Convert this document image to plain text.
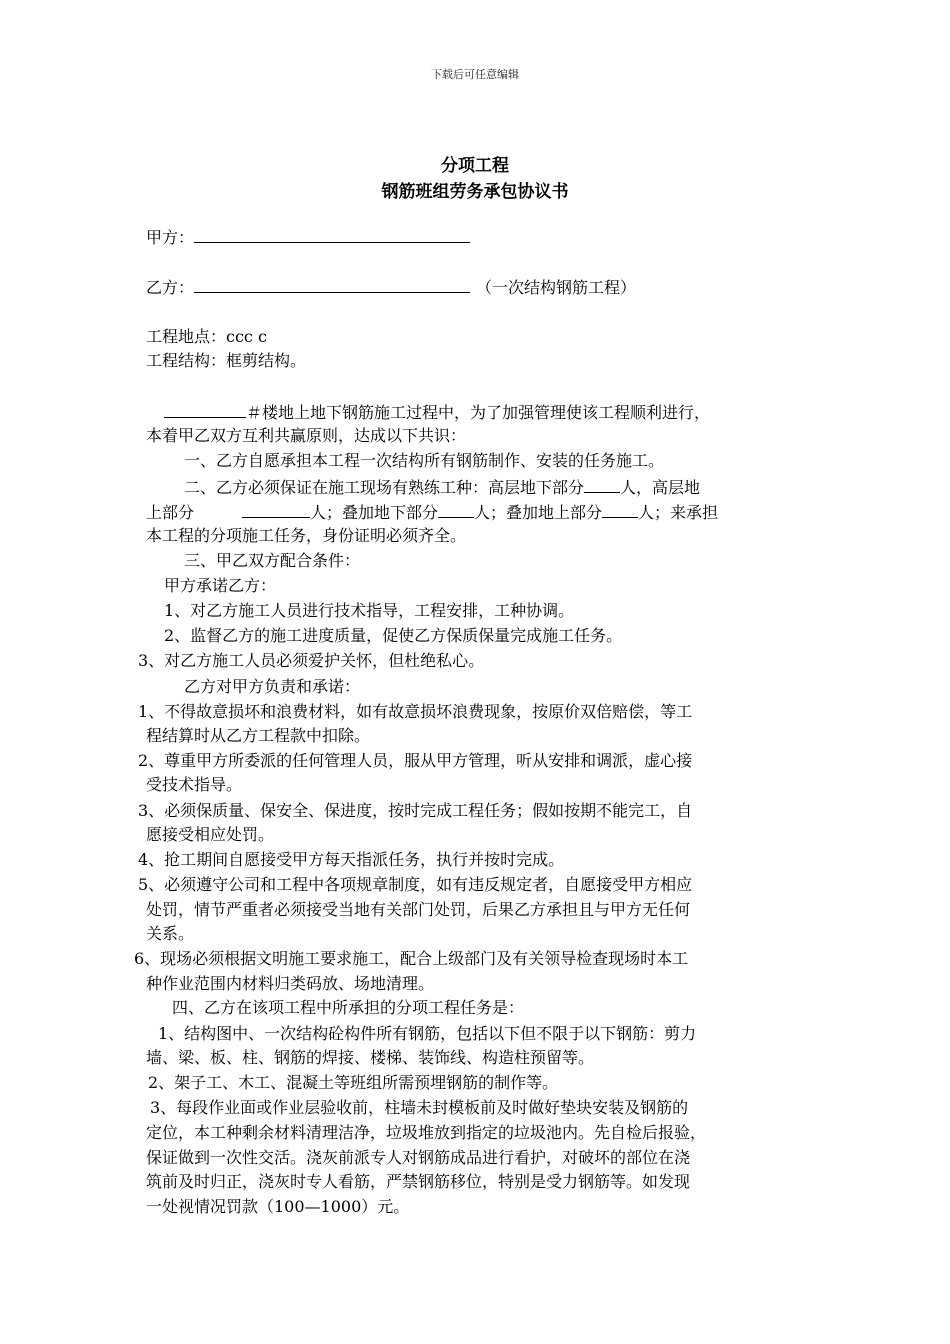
下载后可任意编辑
分项工程
钢筋班组劳务承包协议书
甲方：
乙方：	（一次结构钢筋工程）
工程地点：ccc c
工程结构：框剪结构。
＃楼地上地下钢筋施工过程中，为了加强管理使该工程顺利进行，
本着甲乙双方互利共赢原则，达成以下共识：
一、乙方自愿承担本工程一次结构所有钢筋制作、安装的任务施工。
二、乙方必须保证在施工现场有熟练工种：高层地下部分 人，高层地
上部分	人；叠加地下部分 人；叠加地上部分 人；来承担
本工程的分项施工任务，身份证明必须齐全。
三、甲乙双方配合条件：
甲方承诺乙方：
1、对乙方施工人员进行技术指导，工程安排，工种协调。
2、监督乙方的施工进度质量，促使乙方保质保量完成施工任务。
3、对乙方施工人员必须爱护关怀，但杜绝私心。
乙方对甲方负责和承诺：
1、不得故意损坏和浪费材料，如有故意损坏浪费现象，按原价双倍赔偿，等工
程结算时从乙方工程款中扣除。
2、尊重甲方所委派的任何管理人员，服从甲方管理，听从安排和调派，虚心接
受技术指导。
3、必须保质量、保安全、保进度，按时完成工程任务；假如按期不能完工，自
愿接受相应处罚。
4、抢工期间自愿接受甲方每天指派任务，执行并按时完成。
5、必须遵守公司和工程中各项规章制度，如有违反规定者，自愿接受甲方相应
处罚，情节严重者必须接受当地有关部门处罚，后果乙方承担且与甲方无任何
关系。
6、现场必须根据文明施工要求施工，配合上级部门及有关领导检查现场时本工
种作业范围内材料归类码放、场地清理。
四、乙方在该项工程中所承担的分项工程任务是：
1、结构图中、一次结构砼构件所有钢筋，包括以下但不限于以下钢筋：剪力
墙、梁、板、柱、钢筋的焊接、楼梯、装饰线、构造柱预留等。
2、架子工、木工、混凝土等班组所需预埋钢筋的制作等。
3、每段作业面或作业层验收前，柱墙未封模板前及时做好垫块安装及钢筋的
定位，本工种剩余材料清理洁净，垃圾堆放到指定的垃圾池内。先自检后报验，
保证做到一次性交活。浇灰前派专人对钢筋成品进行看护，对破坏的部位在浇
筑前及时归正，浇灰时专人看筋，严禁钢筋移位，特别是受力钢筋等。如发现
一处视情况罚款（100—1000）元。
